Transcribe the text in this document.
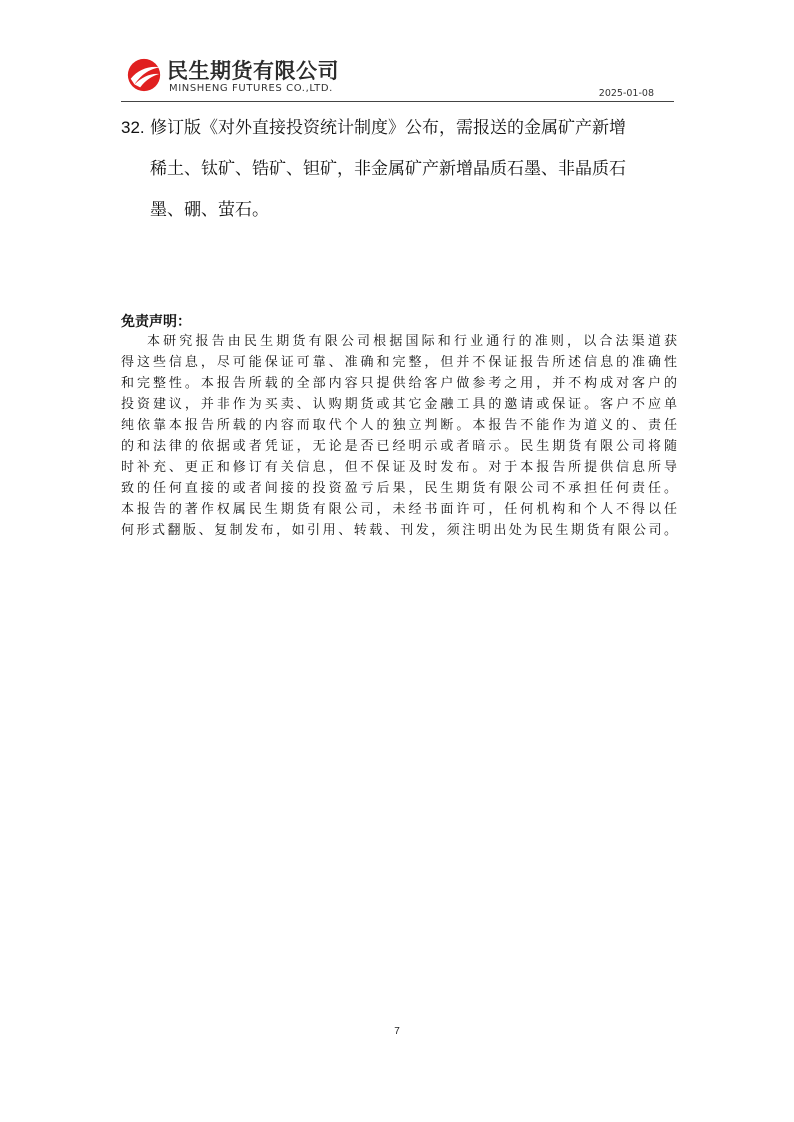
民生期货有限公司
MINSHENG FUTURES CO.,LTD.	2025-01-08
32. 修订版《对外直接投资统计制度》公布，需报送的金属矿产新增
稀土、钛矿、锆矿、钽矿，非金属矿产新增晶质石墨、非晶质石
墨、硼、萤石。
免责声明：
本研究报告由民生期货有限公司根据国际和行业通行的准则，以合法渠道获
得这些信息，尽可能保证可靠、准确和完整，但并不保证报告所述信息的准确性
和完整性。本报告所载的全部内容只提供给客户做参考之用，并不构成对客户的
投资建议，并非作为买卖、认购期货或其它金融工具的邀请或保证。客户不应单
纯依靠本报告所载的内容而取代个人的独立判断。本报告不能作为道义的、责任
的和法律的依据或者凭证，无论是否已经明示或者暗示。民生期货有限公司将随
时补充、更正和修订有关信息，但不保证及时发布。对于本报告所提供信息所导
致的任何直接的或者间接的投资盈亏后果，民生期货有限公司不承担任何责任。
本报告的著作权属民生期货有限公司，未经书面许可，任何机构和个人不得以任
何形式翻版、复制发布，如引用、转载、刊发，须注明出处为民生期货有限公司。
7
